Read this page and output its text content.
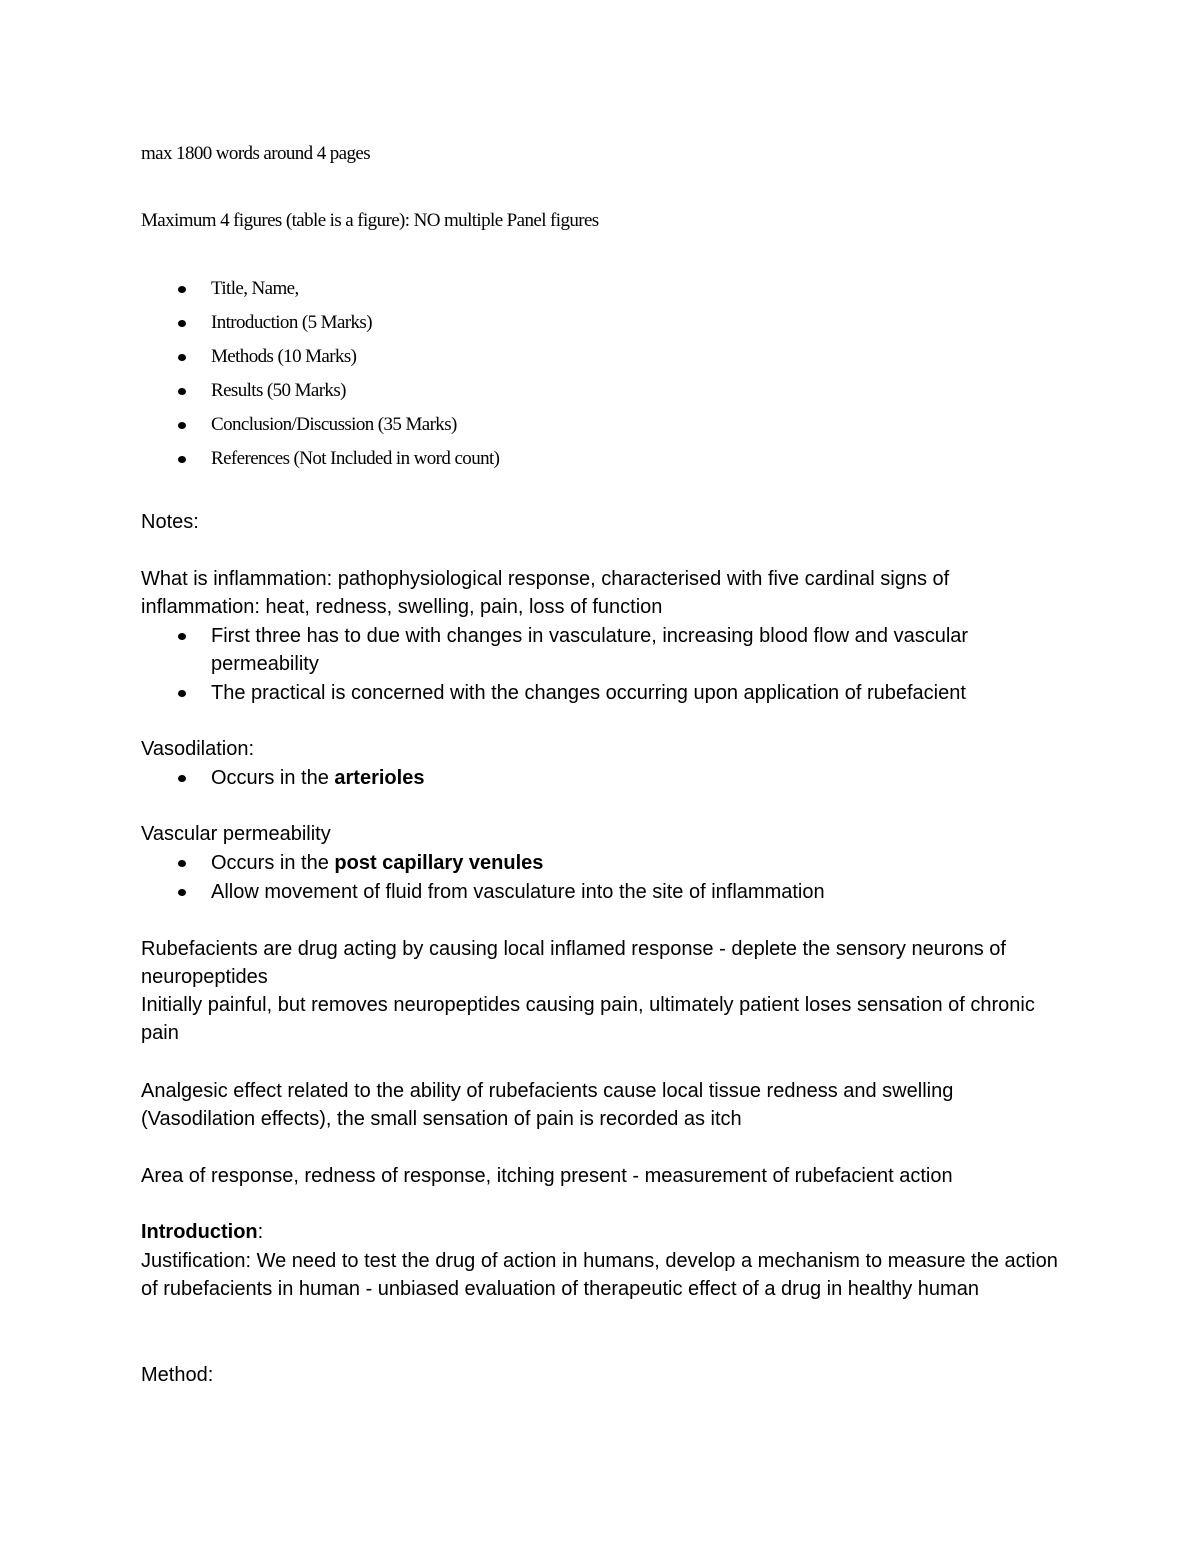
max 1800 words around 4 pages
Maximum 4 figures (table is a figure): NO multiple Panel figures
Title, Name,
Introduction (5 Marks)
Methods (10 Marks)
Results (50 Marks)
Conclusion/Discussion (35 Marks)
References (Not Included in word count)
Notes:
What is inflammation: pathophysiological response, characterised with five cardinal signs of inflammation: heat, redness, swelling, pain, loss of function
First three has to due with changes in vasculature, increasing blood flow and vascular permeability
The practical is concerned with the changes occurring upon application of rubefacient
Vasodilation:
Occurs in the arterioles
Vascular permeability
Occurs in the post capillary venules
Allow movement of fluid from vasculature into the site of inflammation
Rubefacients are drug acting by causing local inflamed response - deplete the sensory neurons of neuropeptides
Initially painful, but removes neuropeptides causing pain, ultimately patient loses sensation of chronic pain
Analgesic effect related to the ability of rubefacients cause local tissue redness and swelling (Vasodilation effects), the small sensation of pain is recorded as itch
Area of response, redness of response, itching present - measurement of rubefacient action
Introduction:
Justification: We need to test the drug of action in humans, develop a mechanism to measure the action of rubefacients in human - unbiased evaluation of therapeutic effect of a drug in healthy human
Method:
